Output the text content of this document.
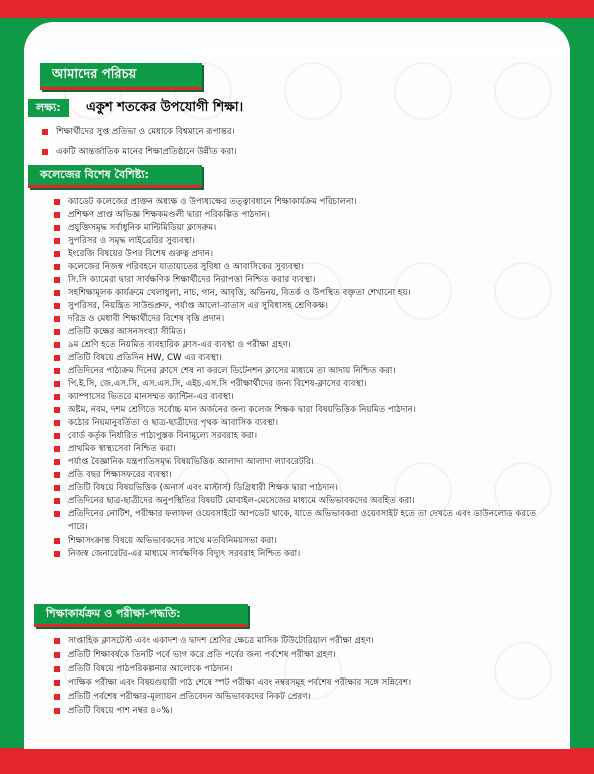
আমাদের পরিচয়
লক্ষ্য:	একুশ শতকের উপযোগী শিক্ষা।
শিক্ষার্থীদের সুপ্ত প্রতিভা ও মেধাকে বিশ্বমানে রূপান্তর।
একটি আন্তর্জাতিক মানের শিক্ষাপ্রতিষ্ঠানে উন্নীত করা।
কলেজের বিশেষ বৈশিষ্ট্য:
ক্যাডেট কলেজের প্রাক্তন অধ্যক্ষ ও উপাধ্যক্ষের তত্ত্বাবধানে শিক্ষাকার্যক্রম পরিচালনা।
প্রশিক্ষণ প্রাপ্ত অভিজ্ঞ শিক্ষকমণ্ডলী দ্বারা পরিকল্পিত পাঠদান।
প্রযুক্তিসমৃদ্ধ সর্বাধুনিক মাল্টিমিডিয়া ক্লাসরুম।
সুপরিসর ও সমৃদ্ধ লাইব্রেরির সুব্যবস্থা।
ইংরেজি বিষয়ের উপর বিশেষ গুরুত্ব প্রদান।
কলেজের নিজস্ব পরিবহনে যাতায়াতের সুবিধা ও আবাসিকের সুব্যবস্থা।
সি.সি ক্যামেরা দ্বারা সার্বক্ষণিক শিক্ষার্থীদের নিরাপত্তা নিশ্চিত করার ব্যবস্থা।
সহশিক্ষামূলক কার্যক্রমে খেলাধুলা, নাচ, গান, আবৃত্তি, অভিনয়, বিতর্ক ও উপস্থিত বক্তৃতা শেখানো হয়।
সুপরিসর, নিয়ন্ত্রিত সাউন্ডপ্রুফ, পর্যাপ্ত আলো-বাতাস এর সুবিধাসহ শ্রেণিকক্ষ।
দরিদ্র ও মেধাবী শিক্ষার্থীদের বিশেষ বৃত্তি প্রদান।
প্রতিটি কক্ষের আসনসংখ্যা সীমিত।
৯ম শ্রেণি হতে নিয়মিত ব্যবহারিক ক্লাস-এর ব্যবস্থা ও পরীক্ষা গ্রহণ।
প্রতিটি বিষয়ে প্রতিদিন HW, CW এর ব্যবস্থা।
প্রতিদিনের পাঠ্যক্রম দিনের ক্লাসে শেষ না করলে ডিটেনশন ক্লাসের মাধ্যমে তা আদায় নিশ্চিত করা।
পি.ই.সি, জে.এস.সি, এস.এস.সি, এইচ.এস.সি পরীক্ষার্থীদের জন্য বিশেষ-ক্লাসের ব্যবস্থা।
ক্যাম্পাসের ভিতরে মানসম্মত ক্যান্টিন-এর ব্যবস্থা।
অষ্টম, নবম, দশম শ্রেণিতে সর্বোচ্চ মান অর্জনের জন্য কলেজ শিক্ষক দ্বারা বিষয়ভিত্তিক নিয়মিত পাঠদান।
কঠোর নিয়মানুবর্তিতা ও ছাত্র-ছাত্রীদের পৃথক আবাসিক ব্যবস্থা।
বোর্ড কর্তৃক নির্ধারিত পাঠ্যপুস্তক বিনামূল্যে সরবরাহ করা।
প্রাথমিক স্বাস্থ্যসেবা নিশ্চিত করা।
পর্যাপ্ত বৈজ্ঞানিক যন্ত্রপাতিসমৃদ্ধ বিষয়ভিত্তিক আলাদা আলাদা ল্যাবরেটরি।
প্রতি বছর শিক্ষাসফরের ব্যবস্থা।
প্রতিটি বিষয়ে বিষয়ভিত্তিক (অনার্স এবং মাস্টার্স) ডিগ্রিধারী শিক্ষক দ্বারা পাঠদান।
প্রতিদিনের ছাত্র-ছাত্রীদের অনুপস্থিতির বিষয়টি মোবাইল-মেসেজের মাধ্যমে অভিভাবকদের অবহিত করা।
প্রতিদিনের নোটিশ, পরীক্ষার ফলাফল ওয়েবসাইটে আপডেট থাকে, যাতে অভিভাবকরা ওয়েবসাইট হতে তা দেখতে এবং ডাউনলোড করতে পারে।
শিক্ষাসংক্রান্ত বিষয়ে অভিভাবকদের সাথে মতবিনিময়সভা করা।
নিজস্ব জেনারেটর-এর মাধ্যমে সার্বক্ষণিক বিদ্যুৎ সরবরাহ নিশ্চিত করা।
শিক্ষাকার্যক্রম ও পরীক্ষা-পদ্ধতি:
সাপ্তাহিক ক্লাসটেস্ট এবং একাদশ ও দ্বাদশ শ্রেণির ক্ষেত্রে মাসিক টিউটোরিয়াল পরীক্ষা গ্রহণ।
প্রতিটি শিক্ষাবর্ষকে তিনটি পর্বে ভাগ করে প্রতি পর্বের জন্য পর্বশেষ পরীক্ষা গ্রহণ।
প্রতিটি বিষয়ে পাঠপরিকল্পনার আলোকে পাঠদান।
পাক্ষিক পরীক্ষা এবং বিষয়গুয়ারী পাঠ শেষে স্পট পরীক্ষা এবং নম্বরসমূহ পর্বশেষ পরীক্ষার সঙ্গে সন্নিবেশ।
প্রতিটি পর্বশেষ পরীক্ষার-মূল্যায়ন প্রতিবেদন অভিভাবকদের নিকট প্রেরণ।
প্রতিটি বিষয়ে পাশ নম্বর ৪০%।
